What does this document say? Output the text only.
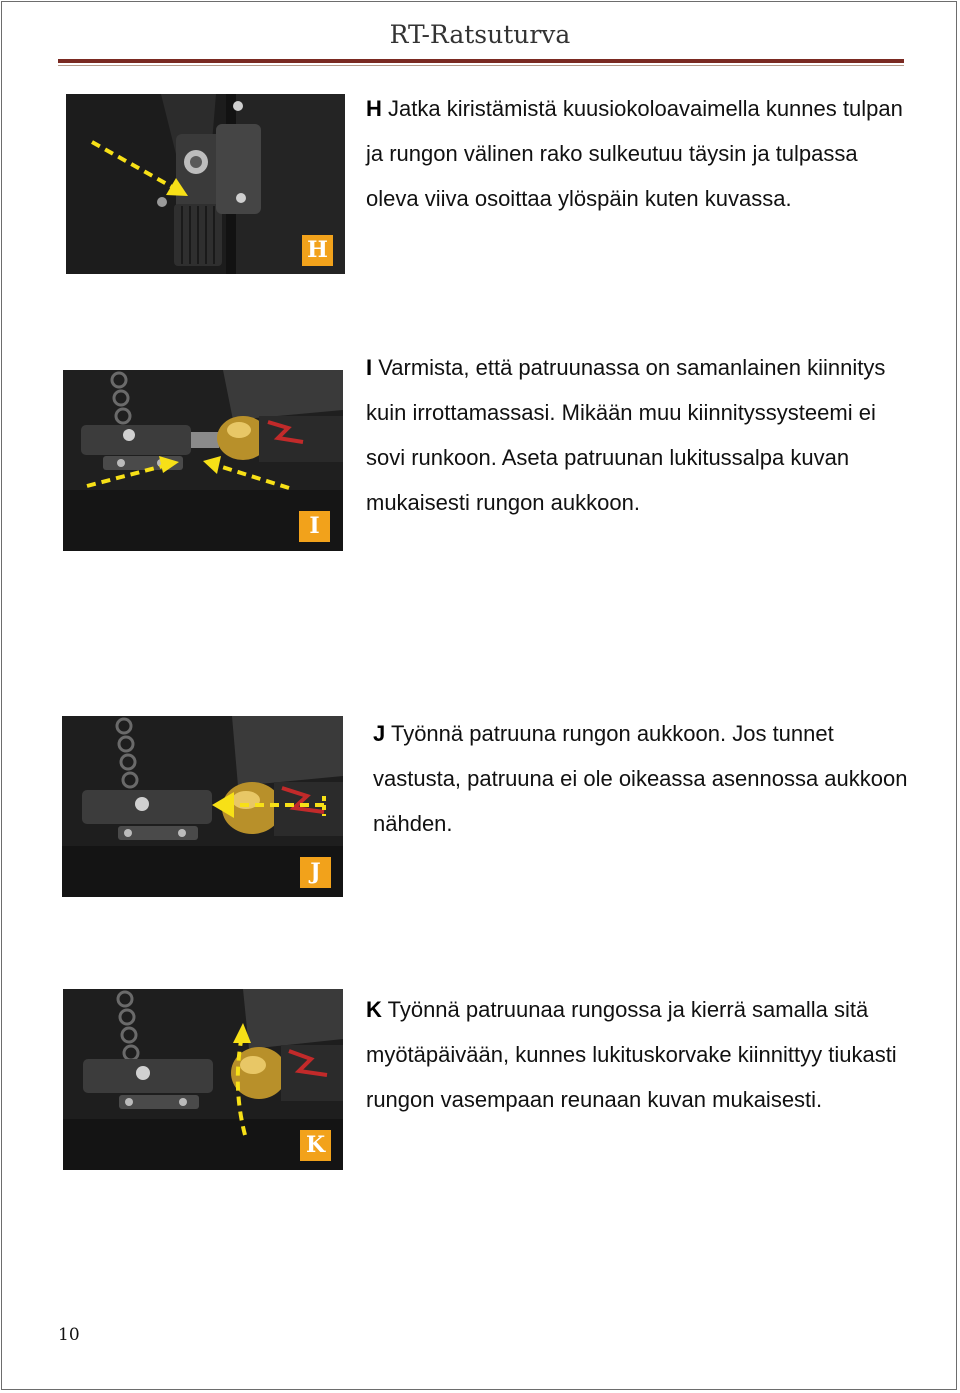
RT-Ratsuturva
H
H Jatka kiristämistä kuusiokoloavaimella kunnes tulpan ja rungon välinen rako sulkeutuu täysin ja tulpassa oleva viiva osoittaa ylöspäin kuten kuvassa.
I
I Varmista, että patruunassa on samanlainen kiinnitys kuin irrottamassasi. Mikään muu kiinnityssysteemi ei sovi runkoon. Aseta patruunan lukitussalpa kuvan mukaisesti rungon aukkoon.
J
J Työnnä patruuna rungon aukkoon. Jos tunnet vastusta, patruuna ei ole oikeassa asennossa aukkoon nähden.
K
K Työnnä patruunaa rungossa ja kierrä samalla sitä myötäpäivään, kunnes lukituskorvake kiinnittyy tiukasti rungon vasempaan reunaan kuvan mukaisesti.
10
